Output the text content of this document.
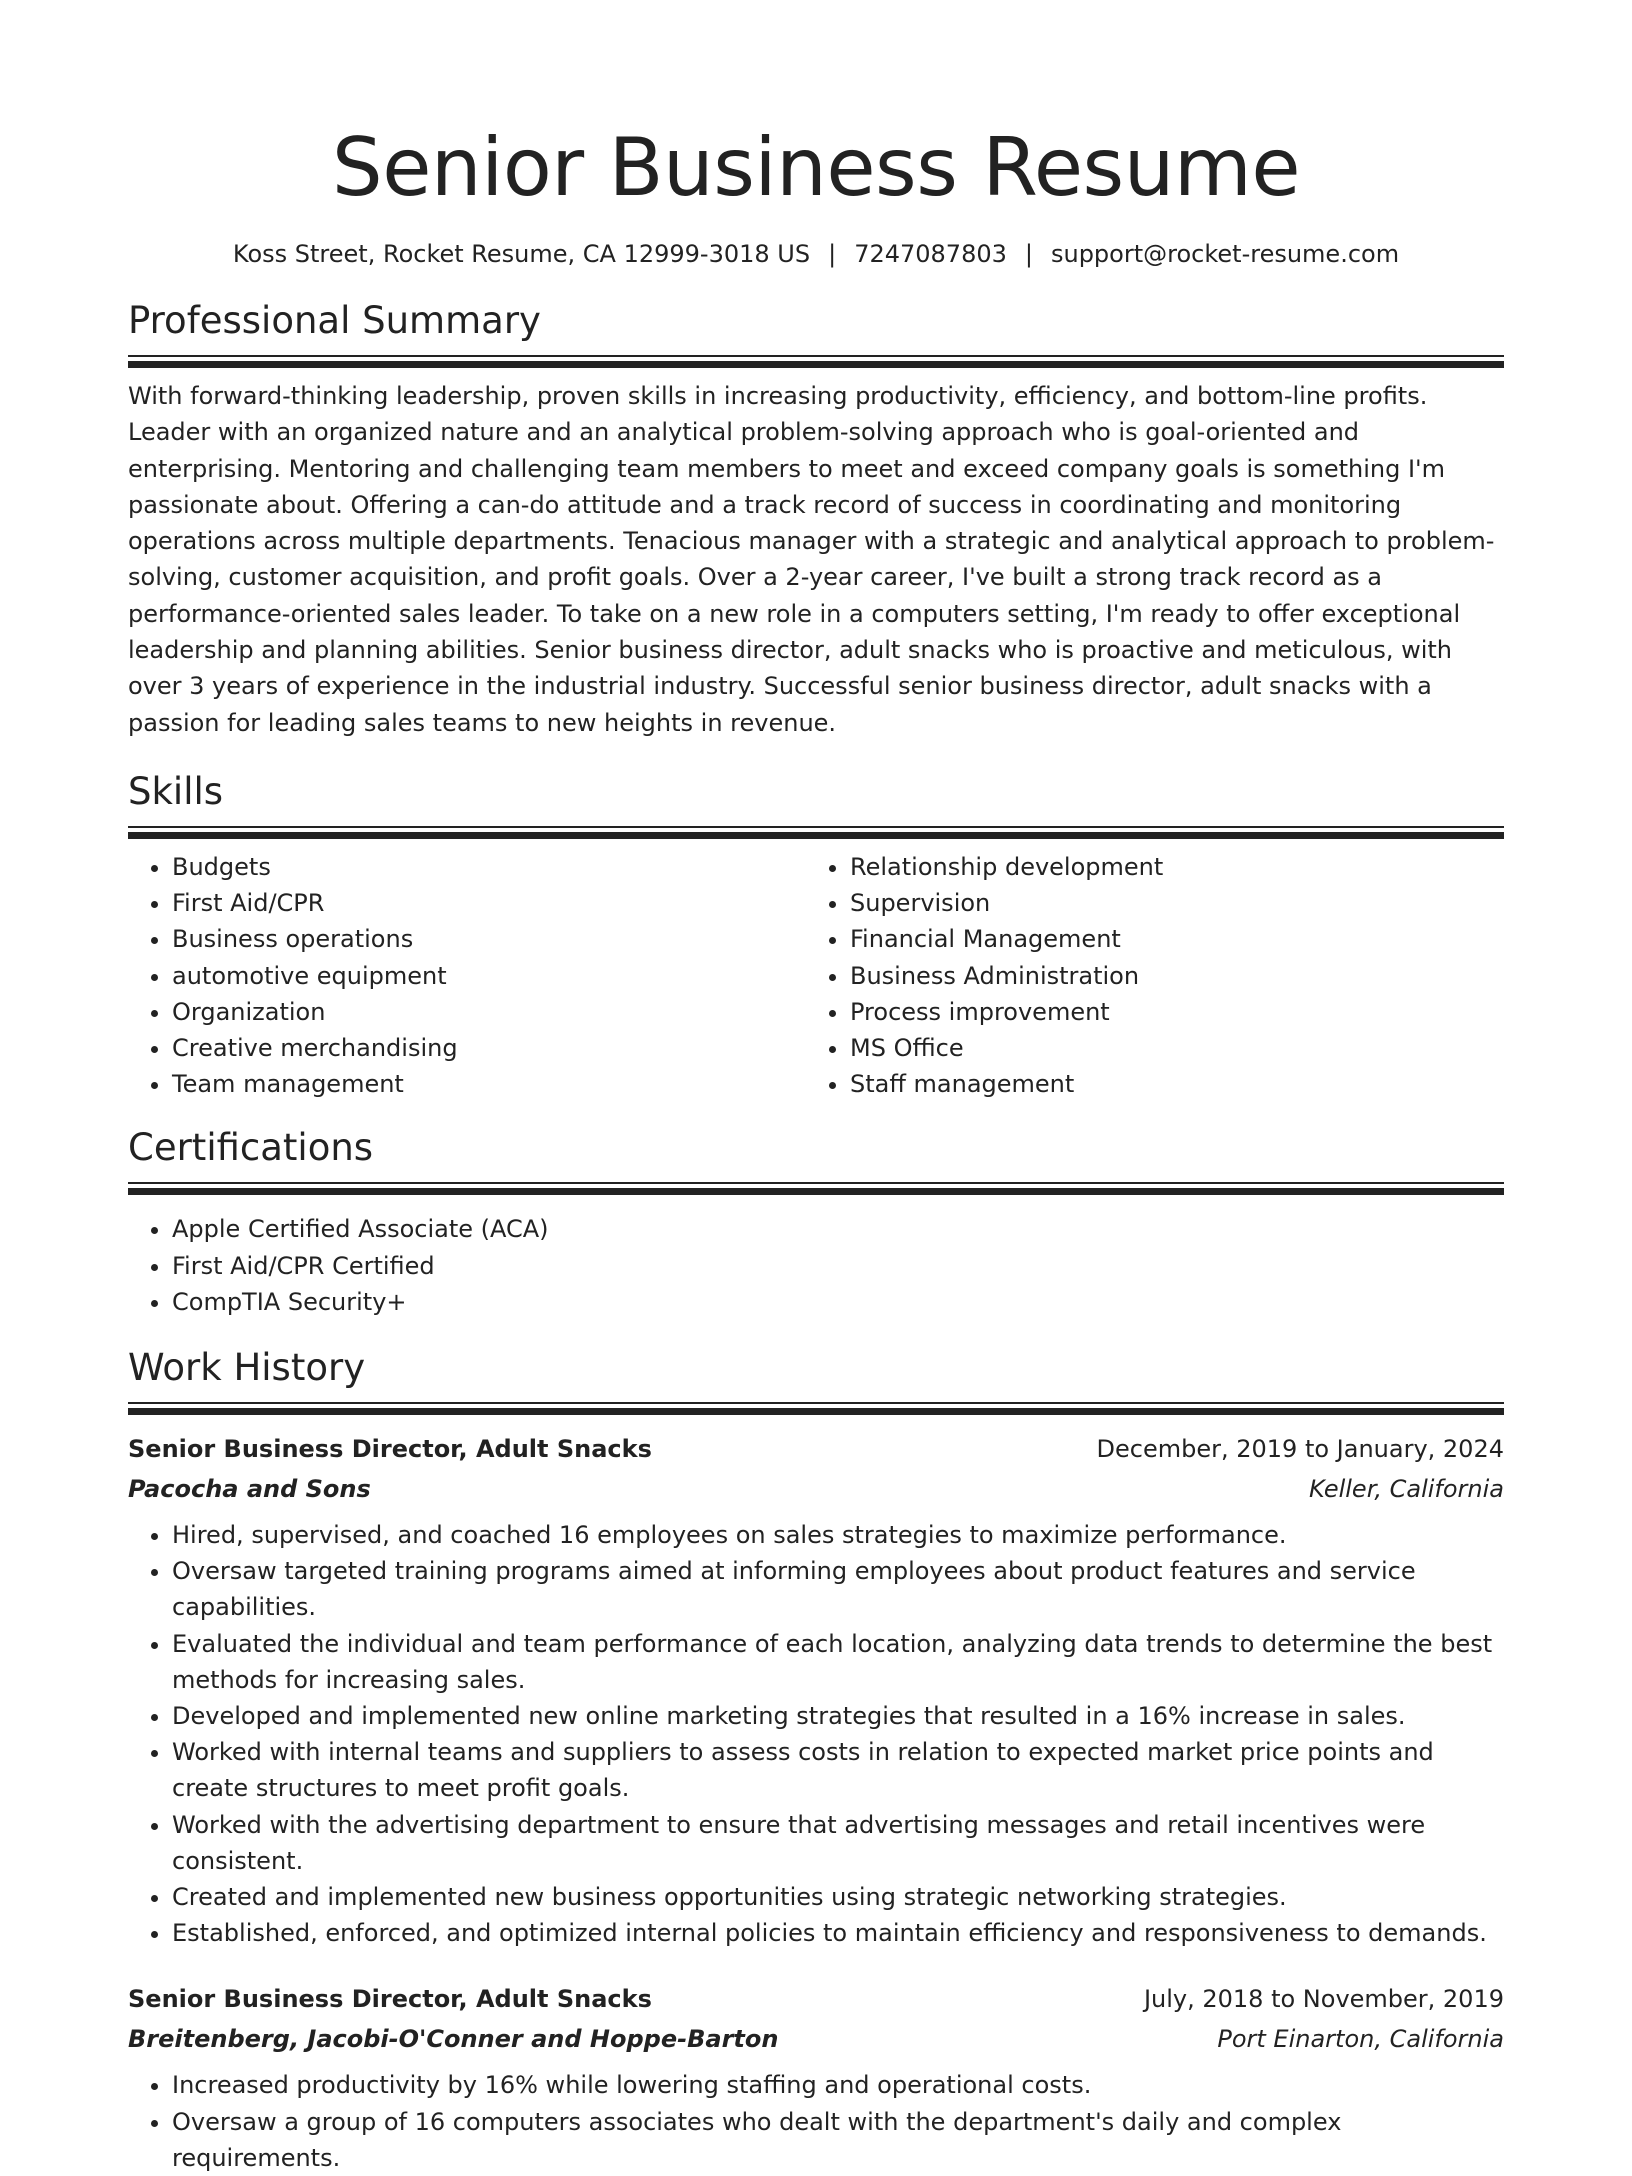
Senior Business Resume
Koss Street, Rocket Resume, CA 12999-3018 US | 7247087803 | support@rocket-resume.com
Professional Summary

With forward-thinking leadership, proven skills in increasing productivity, efficiency, and bottom-line profits. Leader with an organized nature and an analytical problem-solving approach who is goal-oriented and enterprising. Mentoring and challenging team members to meet and exceed company goals is something I'm passionate about. Offering a can-do attitude and a track record of success in coordinating and monitoring operations across multiple departments. Tenacious manager with a strategic and analytical approach to problem-solving, customer acquisition, and profit goals. Over a 2-year career, I've built a strong track record as a performance-oriented sales leader. To take on a new role in a computers setting, I'm ready to offer exceptional leadership and planning abilities. Senior business director, adult snacks who is proactive and meticulous, with over 3 years of experience in the industrial industry. Successful senior business director, adult snacks with a passion for leading sales teams to new heights in revenue.

Skills
• Budgets
• First Aid/CPR
• Business operations
• automotive equipment
• Organization
• Creative merchandising
• Team management
• Relationship development
• Supervision
• Financial Management
• Business Administration
• Process improvement
• MS Office
• Staff management
Certifications
• Apple Certified Associate (ACA)
• First Aid/CPR Certified
• CompTIA Security+
Work History
Senior Business Director, Adult Snacks	December, 2019 to January, 2024
Pacocha and Sons	Keller, California
• Hired, supervised, and coached 16 employees on sales strategies to maximize performance.
• Oversaw targeted training programs aimed at informing employees about product features and service capabilities.
• Evaluated the individual and team performance of each location, analyzing data trends to determine the best methods for increasing sales.
• Developed and implemented new online marketing strategies that resulted in a 16% increase in sales.
• Worked with internal teams and suppliers to assess costs in relation to expected market price points and create structures to meet profit goals.
• Worked with the advertising department to ensure that advertising messages and retail incentives were consistent.
• Created and implemented new business opportunities using strategic networking strategies.
• Established, enforced, and optimized internal policies to maintain efficiency and responsiveness to demands.
Senior Business Director, Adult Snacks	July, 2018 to November, 2019
Breitenberg, Jacobi-O'Conner and Hoppe-Barton	Port Einarton, California
• Increased productivity by 16% while lowering staffing and operational costs.
• Oversaw a group of 16 computers associates who dealt with the department's daily and complex requirements.
